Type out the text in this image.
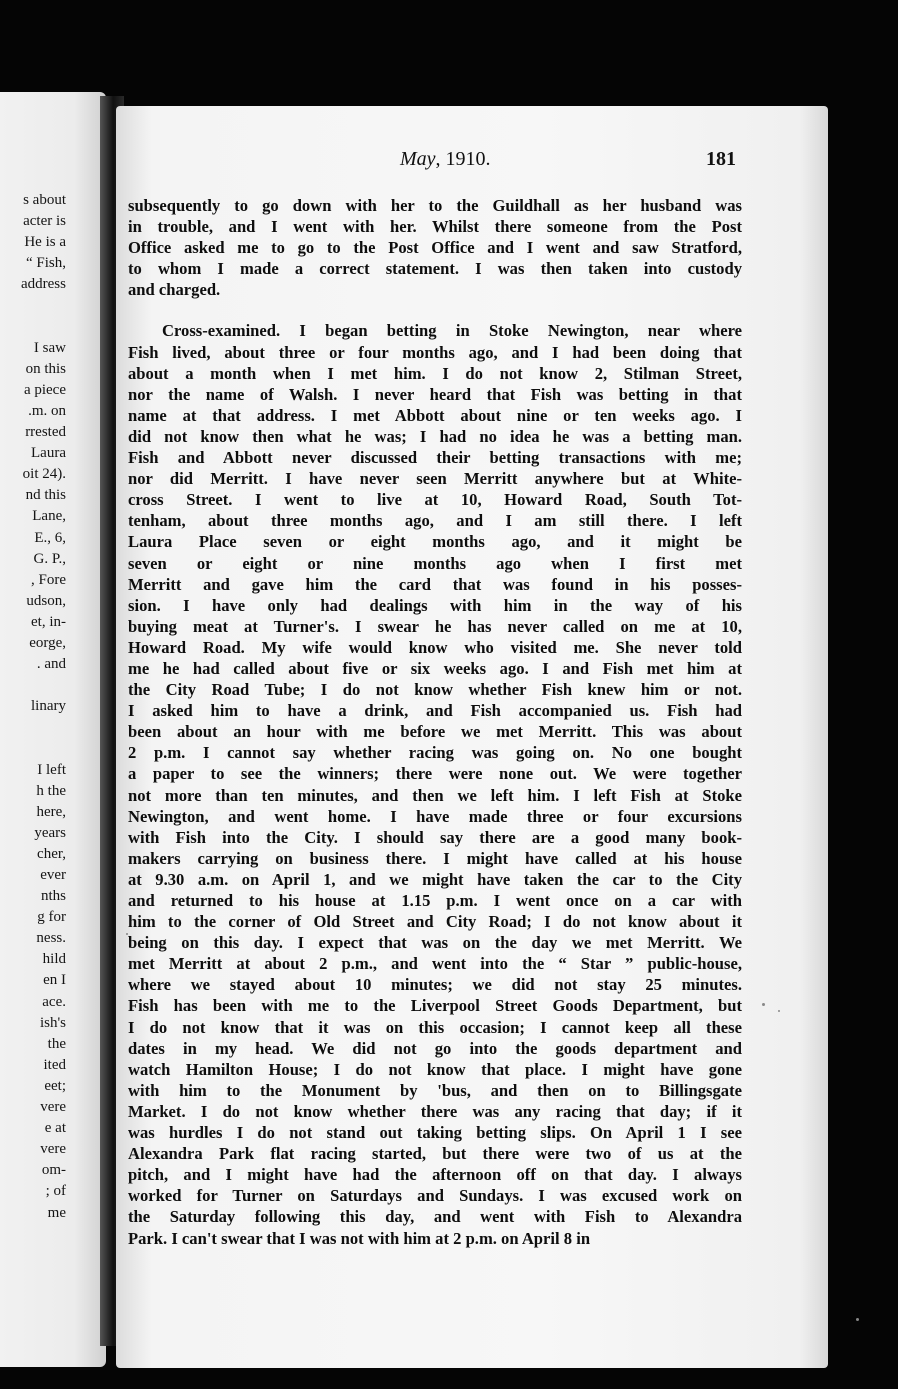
s about
acter is
He is a
“ Fish,
address
I saw
on this
a piece
.m. on
rrested
Laura
oit 24).
nd this
Lane,
E., 6,
G. P.,
, Fore
udson,
et, in-
eorge,
. and
linary
I left
h the
here,
years
cher,
ever
nths
g for
ness.
hild
en I
ace.
ish's
the
ited
eet;
vere
e at
vere
om-
; of
me
May, 1910.	181
subsequently to go down with her to the Guildhall as her husband was
in trouble, and I went with her. Whilst there someone from the Post
Office asked me to go to the Post Office and I went and saw Stratford,
to whom I made a correct statement. I was then taken into custody
and charged.
Cross-examined. I began betting in Stoke Newington, near where
Fish lived, about three or four months ago, and I had been doing that
about a month when I met him. I do not know 2, Stilman Street,
nor the name of Walsh. I never heard that Fish was betting in that
name at that address. I met Abbott about nine or ten weeks ago. I
did not know then what he was; I had no idea he was a betting man.
Fish and Abbott never discussed their betting transactions with me;
nor did Merritt. I have never seen Merritt anywhere but at White-
cross Street. I went to live at 10, Howard Road, South Tot-
tenham, about three months ago, and I am still there. I left
Laura Place seven or eight months ago, and it might be
seven or eight or nine months ago when I first met
Merritt and gave him the card that was found in his posses-
sion. I have only had dealings with him in the way of his
buying meat at Turner's. I swear he has never called on me at 10,
Howard Road. My wife would know who visited me. She never told
me he had called about five or six weeks ago. I and Fish met him at
the City Road Tube; I do not know whether Fish knew him or not.
I asked him to have a drink, and Fish accompanied us. Fish had
been about an hour with me before we met Merritt. This was about
2 p.m. I cannot say whether racing was going on. No one bought
a paper to see the winners; there were none out. We were together
not more than ten minutes, and then we left him. I left Fish at Stoke
Newington, and went home. I have made three or four excursions
with Fish into the City. I should say there are a good many book-
makers carrying on business there. I might have called at his house
at 9.30 a.m. on April 1, and we might have taken the car to the City
and returned to his house at 1.15 p.m. I went once on a car with
him to the corner of Old Street and City Road; I do not know about it
being on this day. I expect that was on the day we met Merritt. We
met Merritt at about 2 p.m., and went into the “ Star ” public-house,
where we stayed about 10 minutes; we did not stay 25 minutes.
Fish has been with me to the Liverpool Street Goods Department, but
I do not know that it was on this occasion; I cannot keep all these
dates in my head. We did not go into the goods department and
watch Hamilton House; I do not know that place. I might have gone
with him to the Monument by 'bus, and then on to Billingsgate
Market. I do not know whether there was any racing that day; if it
was hurdles I do not stand out taking betting slips. On April 1 I see
Alexandra Park flat racing started, but there were two of us at the
pitch, and I might have had the afternoon off on that day. I always
worked for Turner on Saturdays and Sundays. I was excused work on
the Saturday following this day, and went with Fish to Alexandra
Park. I can't swear that I was not with him at 2 p.m. on April 8 in
